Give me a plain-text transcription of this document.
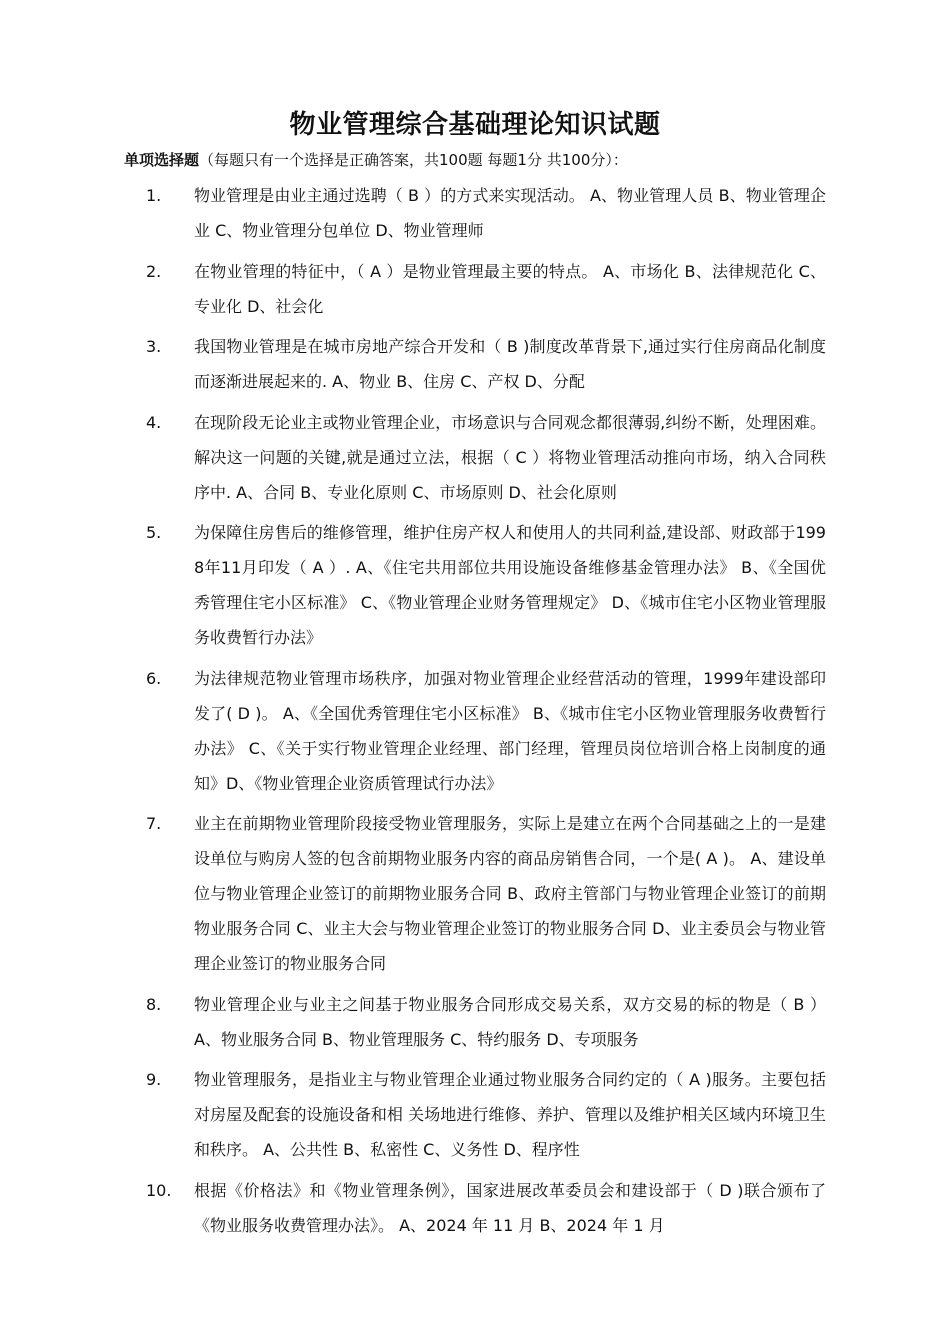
物业管理综合基础理论知识试题
单项选择题（每题只有一个选择是正确答案，共100题 每题1分 共100分）：
1.	物业管理是由业主通过选聘（ B ）的方式来实现活动。 A、物业管理人员 B、物业管理企业 C、物业管理分包单位 D、物业管理师
2.	在物业管理的特征中，（ A ）是物业管理最主要的特点。 A、市场化 B、法律规范化 C、专业化 D、社会化
3.	我国物业管理是在城市房地产综合开发和（ B )制度改革背景下,通过实行住房商品化制度而逐渐进展起来的. A、物业 B、住房 C、产权 D、分配
4.	在现阶段无论业主或物业管理企业，市场意识与合同观念都很薄弱,纠纷不断，处理困难。解决这一问题的关键,就是通过立法，根据（ C ）将物业管理活动推向市场，纳入合同秩序中. A、合同 B、专业化原则 C、市场原则 D、社会化原则
5.	为保障住房售后的维修管理，维护住房产权人和使用人的共同利益,建设部、财政部于1998年11月印发（ A ）. A、《住宅共用部位共用设施设备维修基金管理办法》 B、《全国优秀管理住宅小区标准》 C、《物业管理企业财务管理规定》 D、《城市住宅小区物业管理服务收费暂行办法》
6.	为法律规范物业管理市场秩序，加强对物业管理企业经营活动的管理，1999年建设部印发了( D )。 A、《全国优秀管理住宅小区标准》 B、《城市住宅小区物业管理服务收费暂行办法》 C、《关于实行物业管理企业经理、部门经理，管理员岗位培训合格上岗制度的通知》D、《物业管理企业资质管理试行办法》
7.	业主在前期物业管理阶段接受物业管理服务，实际上是建立在两个合同基础之上的一是建设单位与购房人签的包含前期物业服务内容的商品房销售合同，一个是( A )。 A、建设单位与物业管理企业签订的前期物业服务合同 B、政府主管部门与物业管理企业签订的前期物业服务合同 C、业主大会与物业管理企业签订的物业服务合同 D、业主委员会与物业管理企业签订的物业服务合同
8.	物业管理企业与业主之间基于物业服务合同形成交易关系，双方交易的标的物是（ B ）A、物业服务合同 B、物业管理服务 C、特约服务 D、专项服务
9.	物业管理服务，是指业主与物业管理企业通过物业服务合同约定的（ A )服务。主要包括对房屋及配套的设施设备和相 关场地进行维修、养护、管理以及维护相关区域内环境卫生和秩序。 A、公共性 B、私密性 C、义务性 D、程序性
10.	根据《价格法》和《物业管理条例》，国家进展改革委员会和建设部于（ D )联合颁布了《物业服务收费管理办法》。 A、2024 年 11 月 B、2024 年 1 月
